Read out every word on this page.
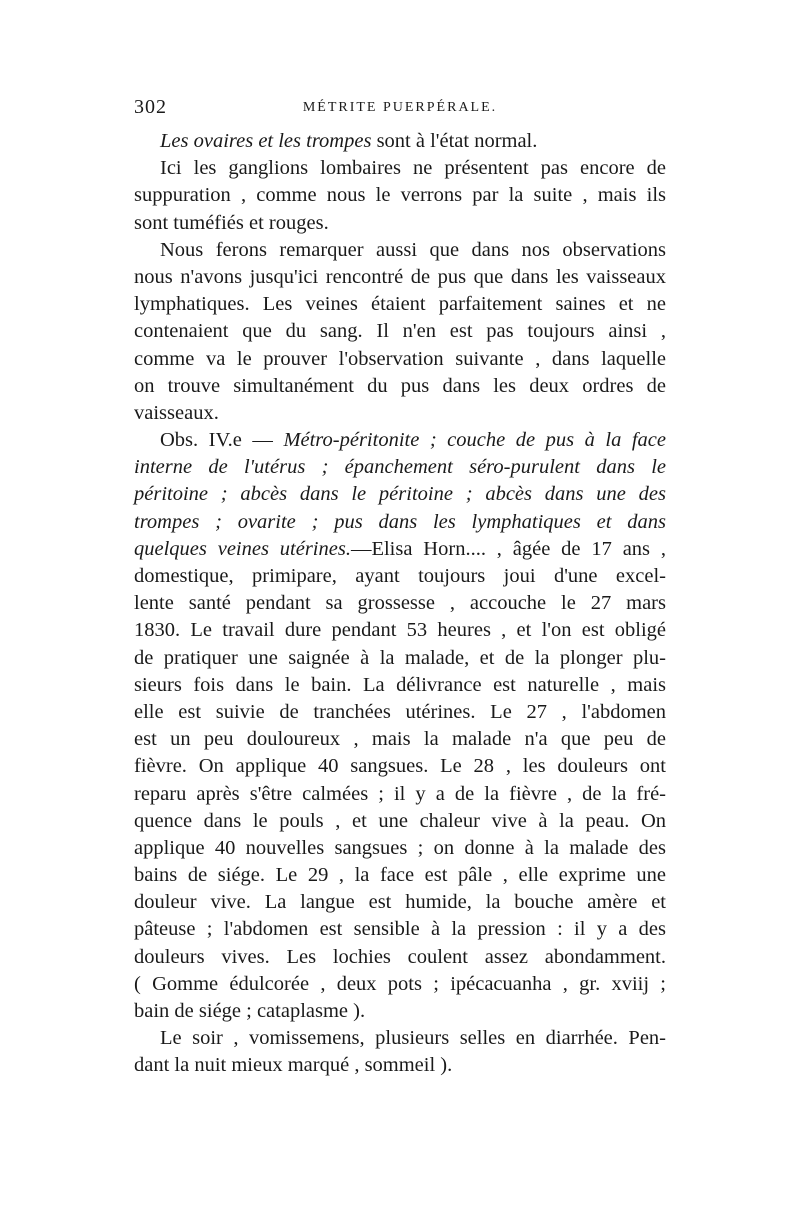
302	MÉTRITE PUERPÉRALE.
Les ovaires et les trompes sont à l'état normal.
Ici les ganglions lombaires ne présentent pas encore de
suppuration , comme nous le verrons par la suite , mais ils
sont tuméfiés et rouges.
Nous ferons remarquer aussi que dans nos observations
nous n'avons jusqu'ici rencontré de pus que dans les vaisseaux
lymphatiques. Les veines étaient parfaitement saines et ne
contenaient que du sang. Il n'en est pas toujours ainsi ,
comme va le prouver l'observation suivante , dans laquelle
on trouve simultanément du pus dans les deux ordres de
vaisseaux.
Obs. IV.e — Métro-péritonite ; couche de pus à la face
interne de l'utérus ; épanchement séro-purulent dans le
péritoine ; abcès dans le péritoine ; abcès dans une des
trompes ; ovarite ; pus dans les lymphatiques et dans
quelques veines utérines.—Elisa Horn.... , âgée de 17 ans ,
domestique, primipare, ayant toujours joui d'une excel-
lente santé pendant sa grossesse , accouche le 27 mars
1830. Le travail dure pendant 53 heures , et l'on est obligé
de pratiquer une saignée à la malade, et de la plonger plu-
sieurs fois dans le bain. La délivrance est naturelle , mais
elle est suivie de tranchées utérines. Le 27 , l'abdomen
est un peu douloureux , mais la malade n'a que peu de
fièvre. On applique 40 sangsues. Le 28 , les douleurs ont
reparu après s'être calmées ; il y a de la fièvre , de la fré-
quence dans le pouls , et une chaleur vive à la peau. On
applique 40 nouvelles sangsues ; on donne à la malade des
bains de siége. Le 29 , la face est pâle , elle exprime une
douleur vive. La langue est humide, la bouche amère et
pâteuse ; l'abdomen est sensible à la pression : il y a des
douleurs vives. Les lochies coulent assez abondamment.
( Gomme édulcorée , deux pots ; ipécacuanha , gr. xviij ;
bain de siége ; cataplasme ).
Le soir , vomissemens, plusieurs selles en diarrhée. Pen-
dant la nuit mieux marqué , sommeil ).
